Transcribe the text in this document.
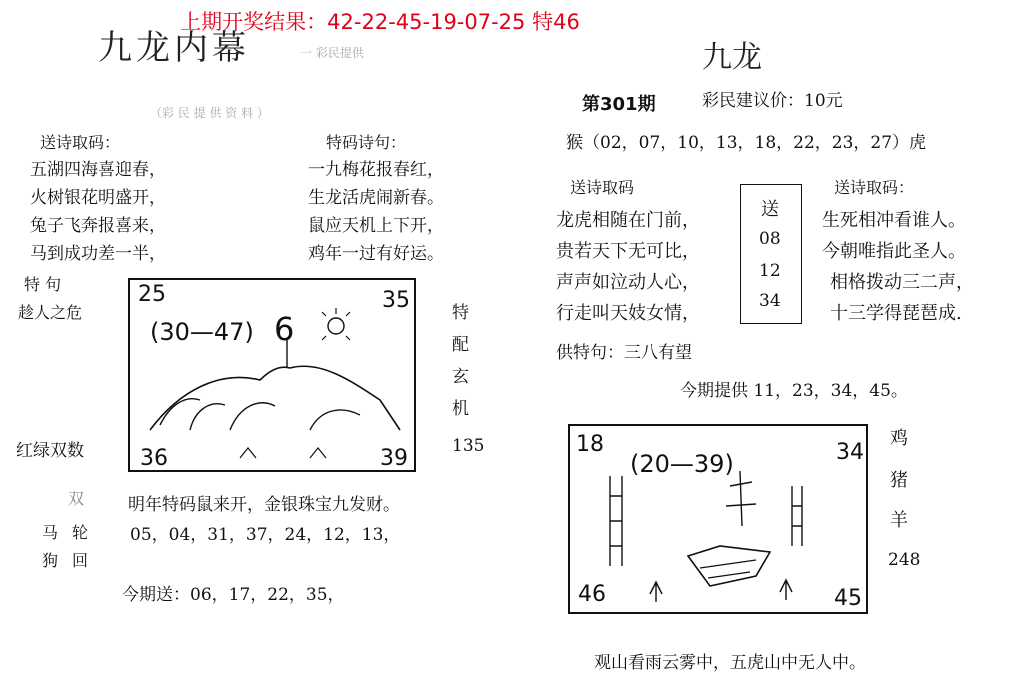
上期开奖结果：42-22-45-19-07-25 特46
九龙内幕	一 彩民提供
（彩 民 提 供 资 料 ）
送诗取码：
五湖四海喜迎春，
火树银花明盛开，
兔子飞奔报喜来，
马到成功差一半，
特码诗句：
一九梅花报春红，
生龙活虎闹新春。
鼠应天机上下开，
鸡年一过有好运。
特 句
趁人之危
25	35
36	39
(30—47) 6	特
配
玄
机
红绿双数	135
双	明年特码鼠来开，金银珠宝九发财。
马 轮 05，04，31，37，24，12，13，
狗 回
今期送：06，17，22，35，
九龙
第301期	彩民建议价：10元
猴（02，07，10，13，18，22，23，27）虎
送诗取码
龙虎相随在门前，
贵若天下无可比，
声声如泣动人心，
行走叫天妓女情，
送
08
12
34
送诗取码：
生死相冲看谁人。
今朝唯指此圣人。
相格拨动三二声，
十三学得琵琶成.
供特句：三八有望
今期提供 11，23，34，45。
18	34
46	45
(20—39)
鸡
猪
羊
248
观山看雨云雾中，五虎山中无人中。
